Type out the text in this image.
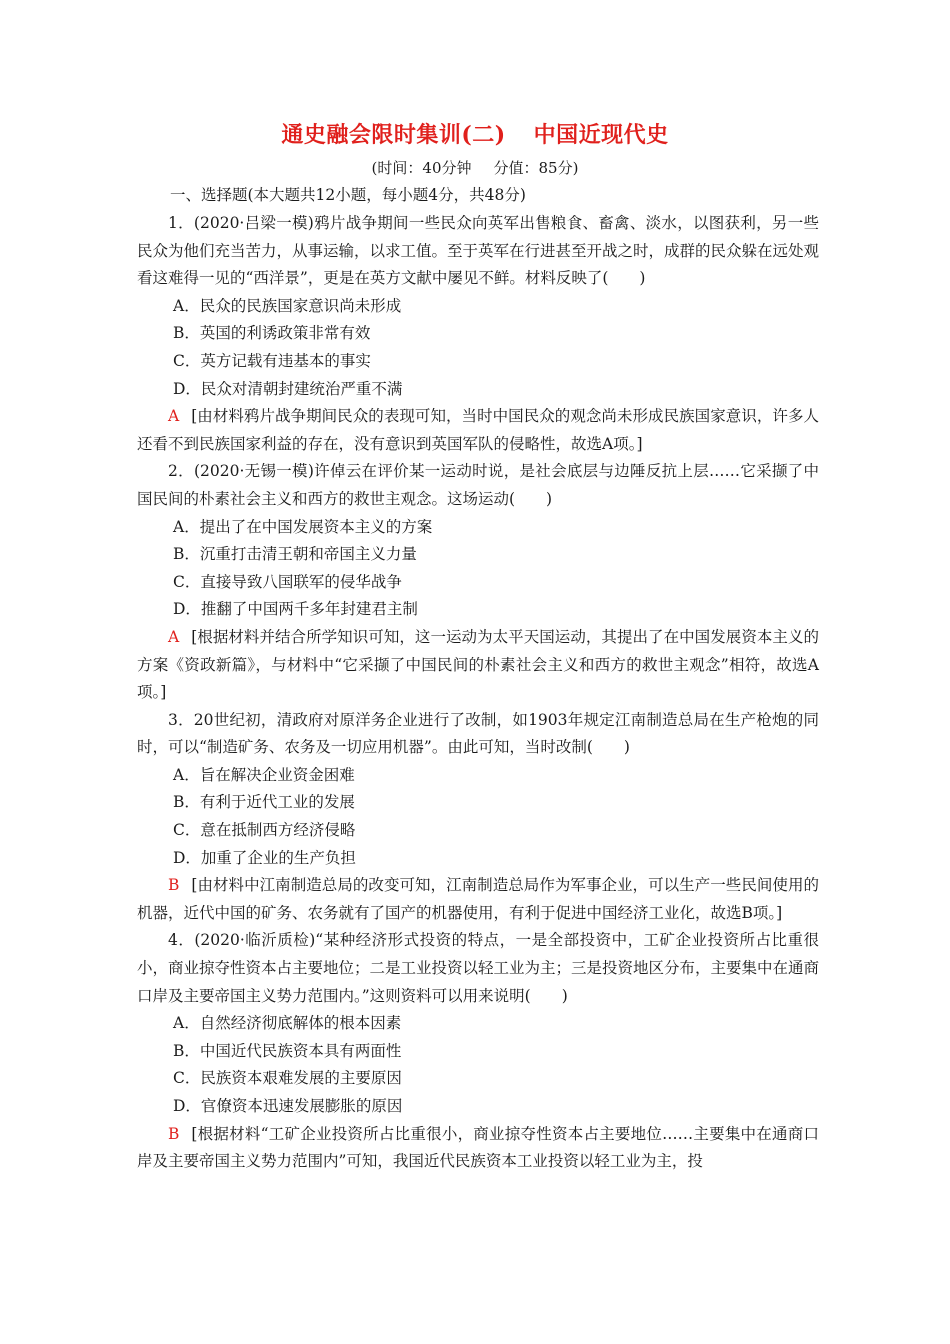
通史融会限时集训(二) 中国近现代史
(时间：40分钟 分值：85分)
一、选择题(本大题共12小题，每小题4分，共48分)

1．(2020·吕梁一模)鸦片战争期间一些民众向英军出售粮食、畜禽、淡水，以图获利，另一些民众为他们充当苦力，从事运输，以求工值。至于英军在行进甚至开战之时，成群的民众躲在远处观看这难得一见的“西洋景”，更是在英方文献中屡见不鲜。材料反映了(　　)

A．民众的民族国家意识尚未形成

B．英国的利诱政策非常有效

C．英方记载有违基本的事实

D．民众对清朝封建统治严重不满

A [由材料鸦片战争期间民众的表现可知，当时中国民众的观念尚未形成民族国家意识，许多人还看不到民族国家利益的存在，没有意识到英国军队的侵略性，故选A项。]

2．(2020·无锡一模)许倬云在评价某一运动时说，是社会底层与边陲反抗上层……它采撷了中国民间的朴素社会主义和西方的救世主观念。这场运动(　　)

A．提出了在中国发展资本主义的方案

B．沉重打击清王朝和帝国主义力量

C．直接导致八国联军的侵华战争

D．推翻了中国两千多年封建君主制

A [根据材料并结合所学知识可知，这一运动为太平天国运动，其提出了在中国发展资本主义的方案《资政新篇》，与材料中“它采撷了中国民间的朴素社会主义和西方的救世主观念”相符，故选A项。]

3．20世纪初，清政府对原洋务企业进行了改制，如1903年规定江南制造总局在生产枪炮的同时，可以“制造矿务、农务及一切应用机器”。由此可知，当时改制(　　)

A．旨在解决企业资金困难

B．有利于近代工业的发展

C．意在抵制西方经济侵略

D．加重了企业的生产负担

B [由材料中江南制造总局的改变可知，江南制造总局作为军事企业，可以生产一些民间使用的机器，近代中国的矿务、农务就有了国产的机器使用，有利于促进中国经济工业化，故选B项。]

4．(2020·临沂质检)“某种经济形式投资的特点，一是全部投资中，工矿企业投资所占比重很小，商业掠夺性资本占主要地位；二是工业投资以轻工业为主；三是投资地区分布，主要集中在通商口岸及主要帝国主义势力范围内。”这则资料可以用来说明(　　)

A．自然经济彻底解体的根本因素

B．中国近代民族资本具有两面性

C．民族资本艰难发展的主要原因

D．官僚资本迅速发展膨胀的原因

B [根据材料“工矿企业投资所占比重很小，商业掠夺性资本占主要地位……主要集中在通商口岸及主要帝国主义势力范围内”可知，我国近代民族资本工业投资以轻工业为主，投
